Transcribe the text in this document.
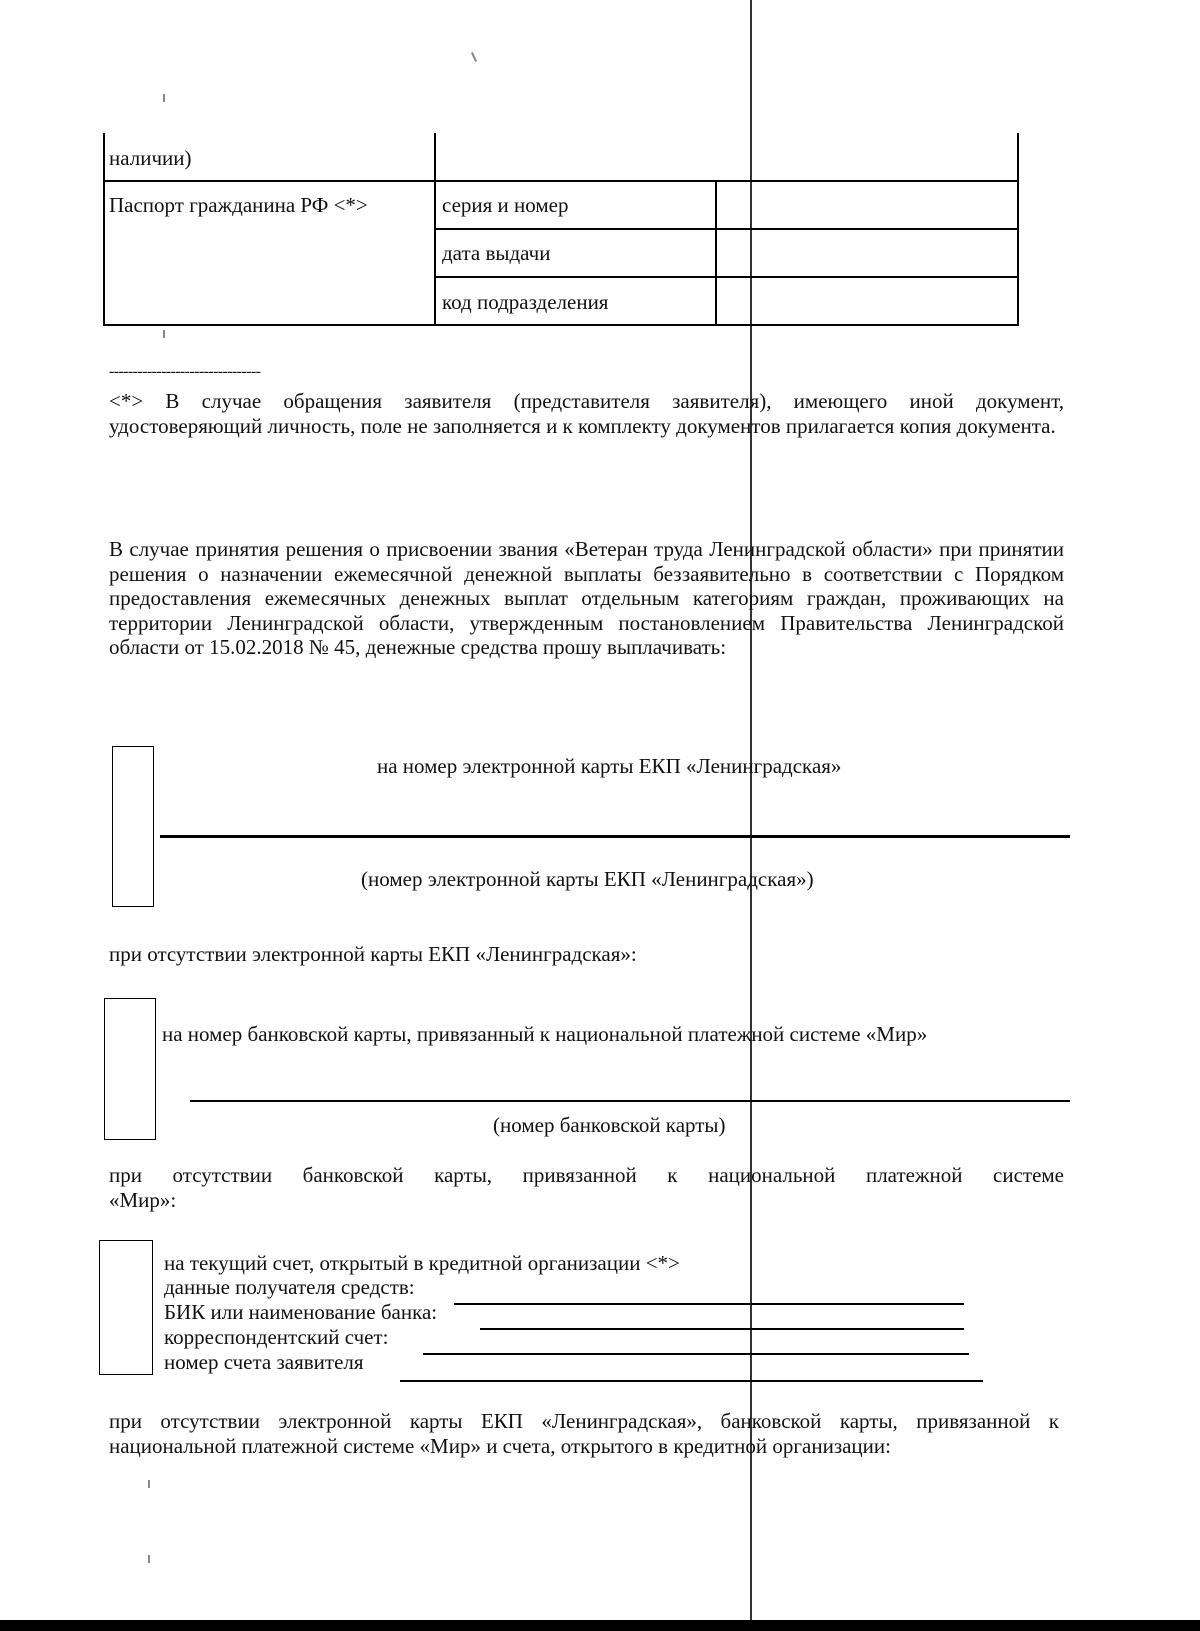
наличии)
Паспорт гражданина РФ <*>	серия и номер
дата выдачи
код подразделения
--------------------------------
<*> В случае обращения заявителя (представителя заявителя), имеющего иной документ, удостоверяющий личность, поле не заполняется и к комплекту документов прилагается копия документа.
В случае принятия решения о присвоении звания «Ветеран труда Ленинградской области» при принятии решения о назначении ежемесячной денежной выплаты беззаявительно в соответствии с Порядком предоставления ежемесячных денежных выплат отдельным категориям граждан, проживающих на территории Ленинградской области, утвержденным постановлением Правительства Ленинградской области от 15.02.2018 № 45, денежные средства прошу выплачивать:
на номер электронной карты ЕКП «Ленинградская»
(номер электронной карты ЕКП «Ленинградская»)
при отсутствии электронной карты ЕКП «Ленинградская»:
на номер банковской карты, привязанный к национальной платежной системе «Мир»
(номер банковской карты)
при отсутствии банковской карты, привязанной к национальной платежной системе
«Мир»:
на текущий счет, открытый в кредитной организации <*>
данные получателя средств:
БИК или наименование банка:
корреспондентский счет:
номер счета заявителя
при отсутствии электронной карты ЕКП «Ленинградская», банковской карты, привязанной к национальной платежной системе «Мир» и счета, открытого в кредитной организации:
